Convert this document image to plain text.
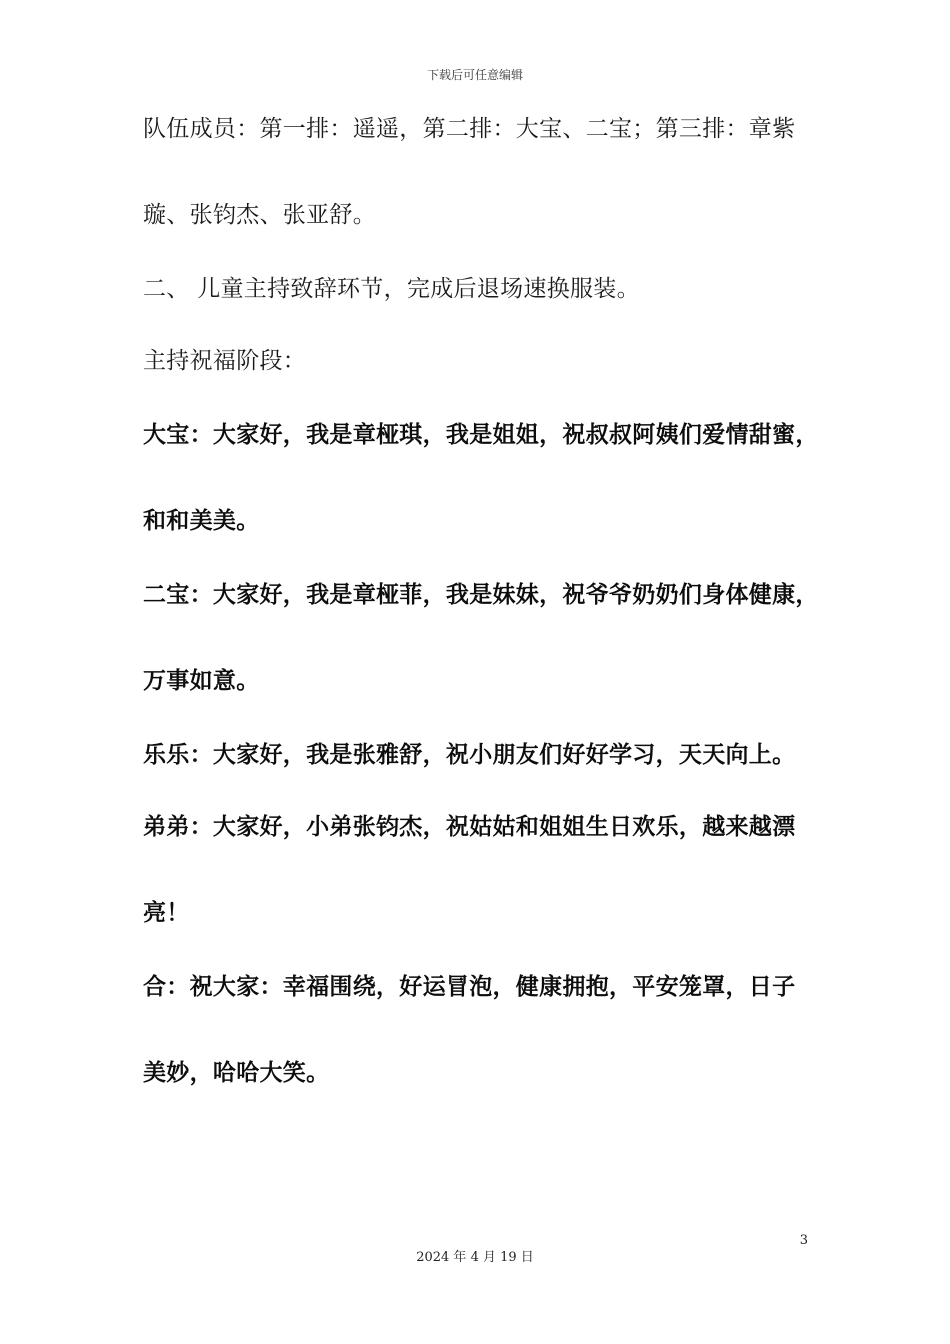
下载后可任意编辑
队伍成员：第一排：遥遥，第二排：大宝、二宝；第三排：章紫
璇、张钧杰、张亚舒。
二、 儿童主持致辞环节，完成后退场速换服装。
主持祝福阶段：
大宝：大家好，我是章桠琪，我是姐姐，祝叔叔阿姨们爱情甜蜜，
和和美美。
二宝：大家好，我是章桠菲，我是妹妹，祝爷爷奶奶们身体健康，
万事如意。
乐乐：大家好，我是张雅舒，祝小朋友们好好学习，天天向上。
弟弟：大家好，小弟张钧杰，祝姑姑和姐姐生日欢乐，越来越漂
亮！
合：祝大家：幸福围绕，好运冒泡，健康拥抱，平安笼罩，日子
美妙，哈哈大笑。
3
2024 年 4 月 19 日
